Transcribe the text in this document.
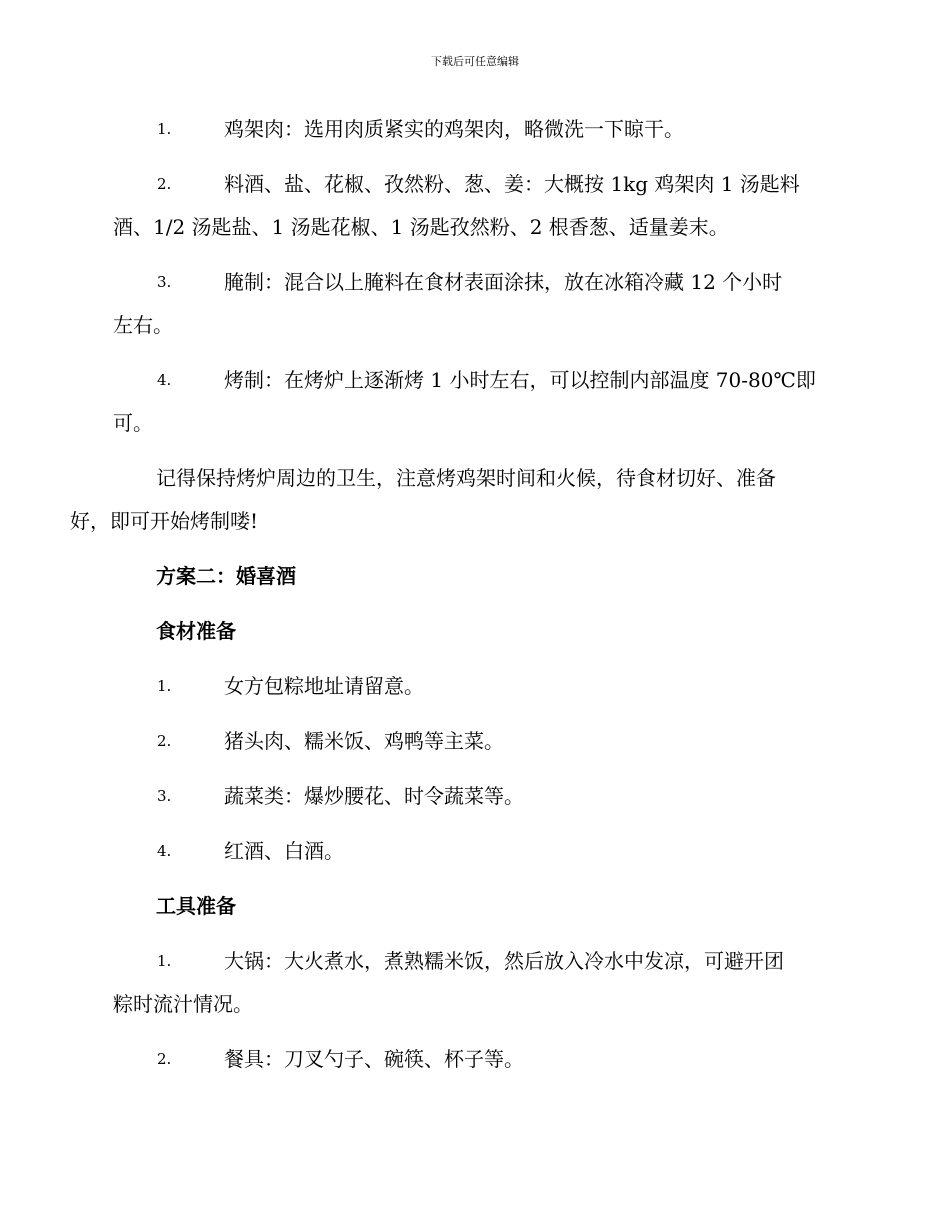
下载后可任意编辑
1.	鸡架肉：选用肉质紧实的鸡架肉，略微洗一下晾干。
2.	料酒、盐、花椒、孜然粉、葱、姜：大概按 1kg 鸡架肉 1 汤匙料
酒、1/2 汤匙盐、1 汤匙花椒、1 汤匙孜然粉、2 根香葱、适量姜末。
3.	腌制：混合以上腌料在食材表面涂抹，放在冰箱冷藏 12 个小时
左右。
4.	烤制：在烤炉上逐渐烤 1 小时左右，可以控制内部温度 70-80℃即
可。
记得保持烤炉周边的卫生，注意烤鸡架时间和火候，待食材切好、准备
好，即可开始烤制喽!
方案二：婚喜酒
食材准备
1.	女方包粽地址请留意。
2.	猪头肉、糯米饭、鸡鸭等主菜。
3.	蔬菜类：爆炒腰花、时令蔬菜等。
4.	红酒、白酒。
工具准备
1.	大锅：大火煮水，煮熟糯米饭，然后放入冷水中发凉，可避开团
粽时流汁情况。
2.	餐具：刀叉勺子、碗筷、杯子等。
